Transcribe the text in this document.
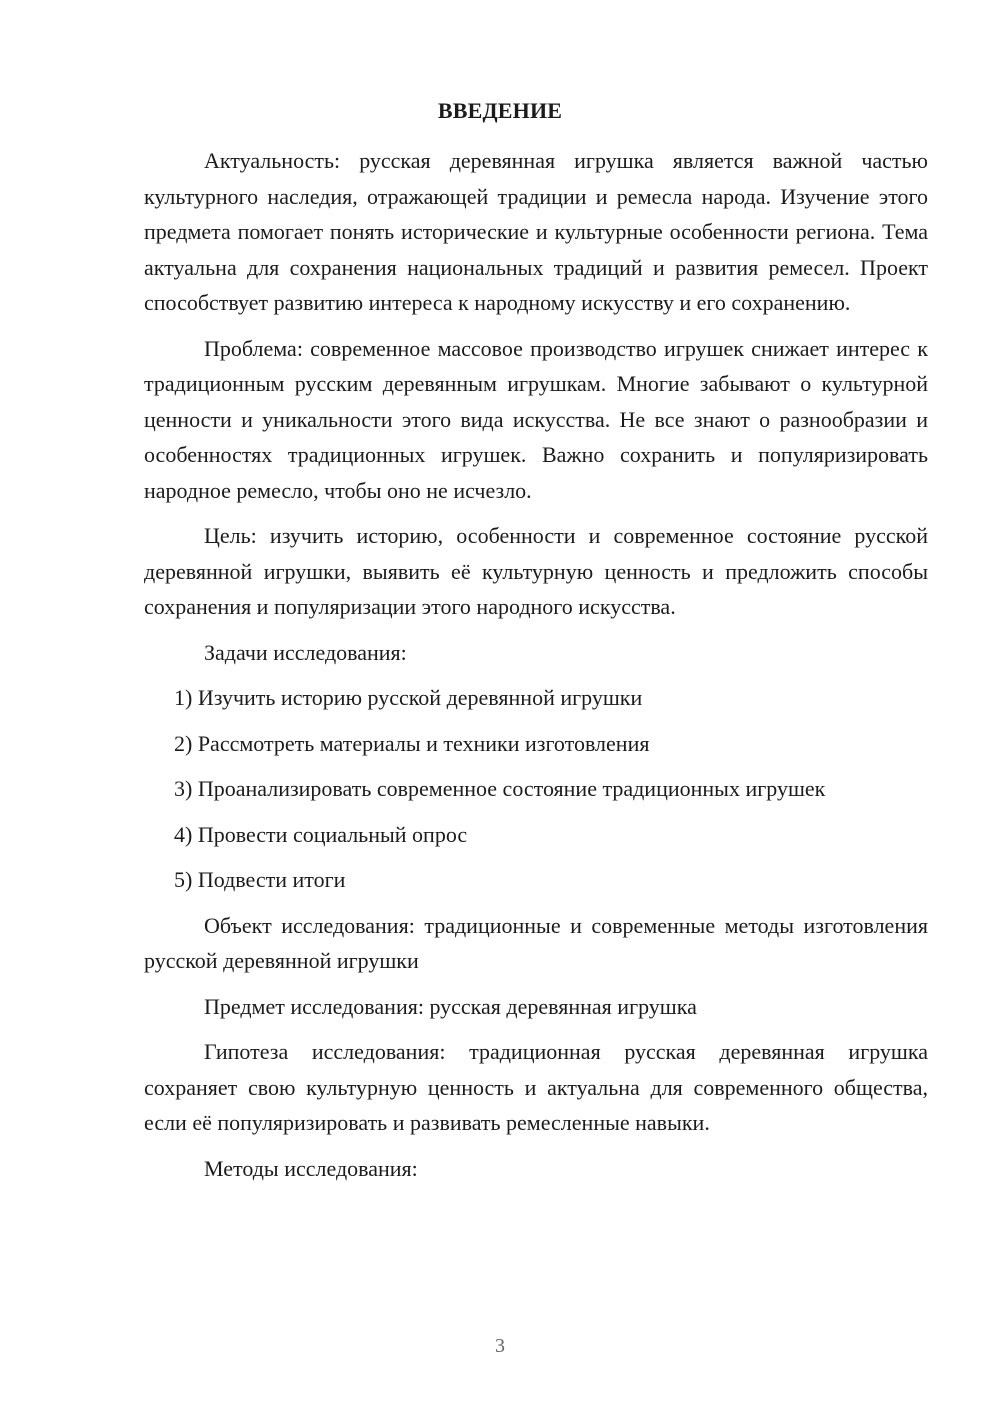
ВВЕДЕНИЕ

Актуальность: русская деревянная игрушка является важной частью культурного наследия, отражающей традиции и ремесла народа. Изучение этого предмета помогает понять исторические и культурные особенности региона. Тема актуальна для сохранения национальных традиций и развития ремесел. Проект способствует развитию интереса к народному искусству и его сохранению.

Проблема: современное массовое производство игрушек снижает интерес к традиционным русским деревянным игрушкам. Многие забывают о культурной ценности и уникальности этого вида искусства. Не все знают о разнообразии и особенностях традиционных игрушек. Важно сохранить и популяризировать народное ремесло, чтобы оно не исчезло.

Цель: изучить историю, особенности и современное состояние русской деревянной игрушки, выявить её культурную ценность и предложить способы сохранения и популяризации этого народного искусства.

Задачи исследования:

1) Изучить историю русской деревянной игрушки

2) Рассмотреть материалы и техники изготовления

3) Проанализировать современное состояние традиционных игрушек

4) Провести социальный опрос

5) Подвести итоги

Объект исследования: традиционные и современные методы изготовления русской деревянной игрушки

Предмет исследования: русская деревянная игрушка

Гипотеза исследования: традиционная русская деревянная игрушка сохраняет свою культурную ценность и актуальна для современного общества, если её популяризировать и развивать ремесленные навыки.

Методы исследования:

3
